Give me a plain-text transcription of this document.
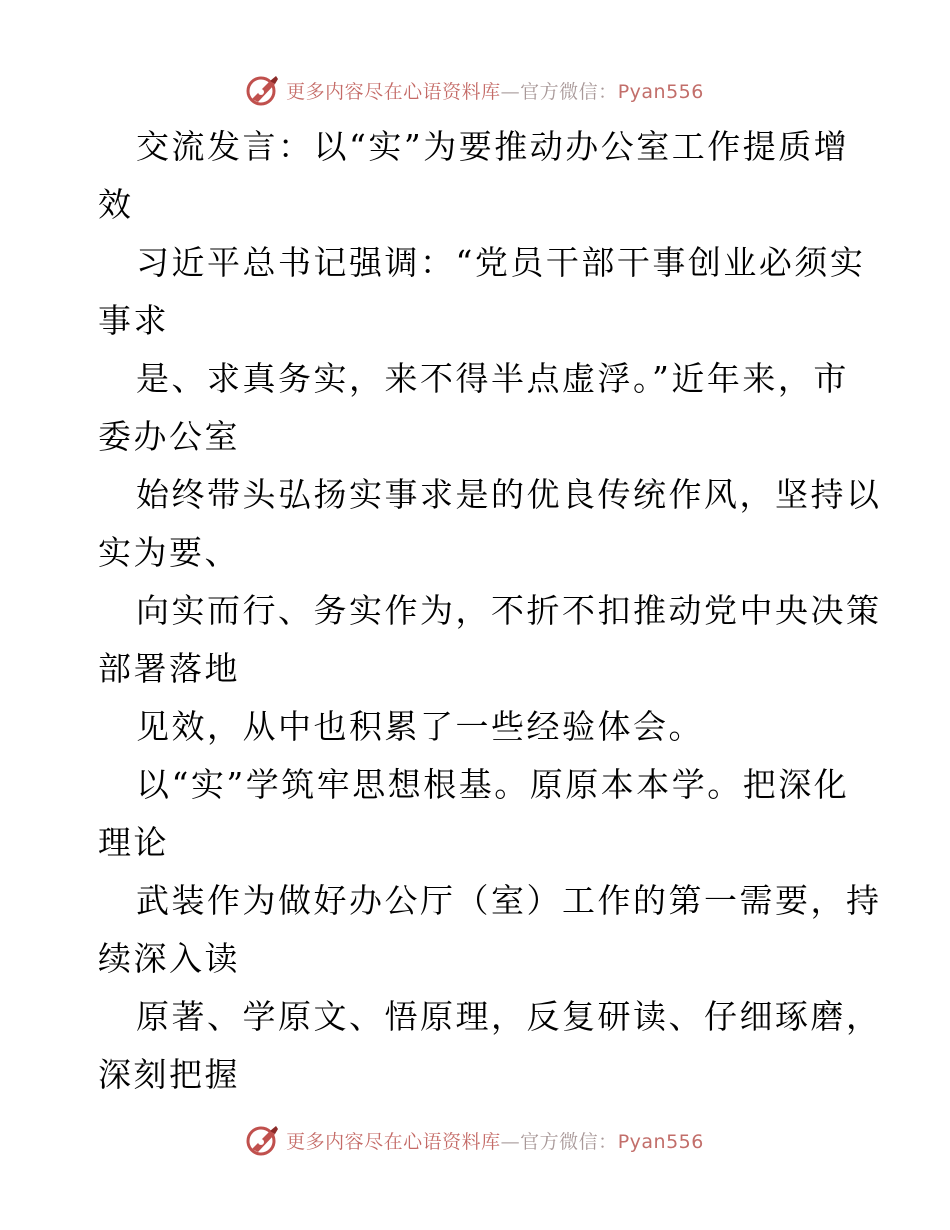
更多内容尽在心语资料库—官方微信：Pyan556
交流发言：以“实”为要推动办公室工作提质增
效
习近平总书记强调：“党员干部干事创业必须实
事求
是、求真务实，来不得半点虚浮。”近年来，市
委办公室
始终带头弘扬实事求是的优良传统作风，坚持以
实为要、
向实而行、务实作为，不折不扣推动党中央决策
部署落地
见效，从中也积累了一些经验体会。
以“实”学筑牢思想根基。原原本本学。把深化
理论
武装作为做好办公厅（室）工作的第一需要，持
续深入读
原著、学原文、悟原理，反复研读、仔细琢磨，
深刻把握
更多内容尽在心语资料库—官方微信：Pyan556
